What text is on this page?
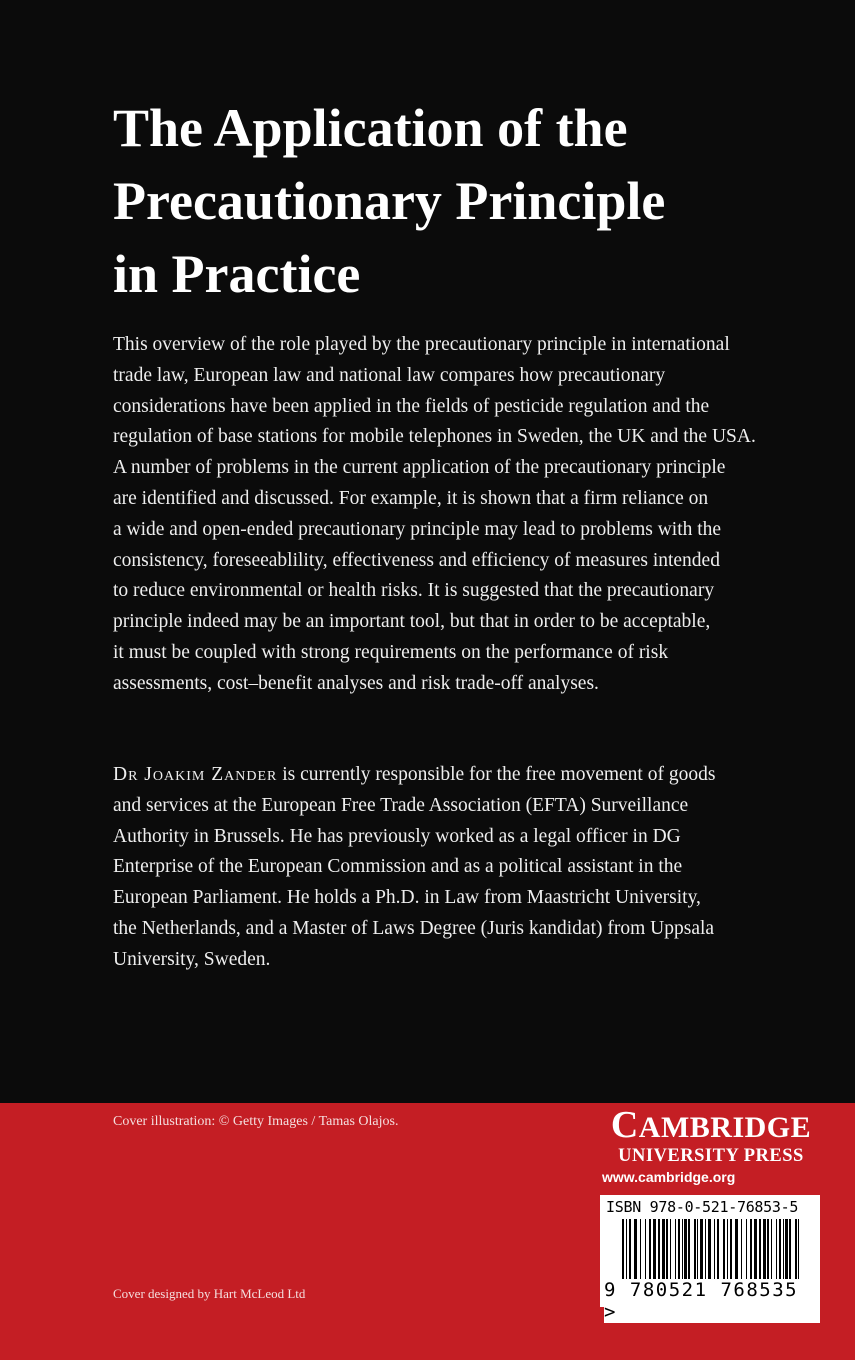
The Application of the
Precautionary Principle
in Practice
This overview of the role played by the precautionary principle in international
trade law, European law and national law compares how precautionary
considerations have been applied in the fields of pesticide regulation and the
regulation of base stations for mobile telephones in Sweden, the UK and the USA.
A number of problems in the current application of the precautionary principle
are identified and discussed. For example, it is shown that a firm reliance on
a wide and open-ended precautionary principle may lead to problems with the
consistency, foreseeablility, effectiveness and efficiency of measures intended
to reduce environmental or health risks. It is suggested that the precautionary
principle indeed may be an important tool, but that in order to be acceptable,
it must be coupled with strong requirements on the performance of risk
assessments, cost–benefit analyses and risk trade-off analyses.
Dr Joakim Zander is currently responsible for the free movement of goods
and services at the European Free Trade Association (EFTA) Surveillance
Authority in Brussels. He has previously worked as a legal officer in DG
Enterprise of the European Commission and as a political assistant in the
European Parliament. He holds a Ph.D. in Law from Maastricht University,
the Netherlands, and a Master of Laws Degree (Juris kandidat) from Uppsala
University, Sweden.
Cover illustration: © Getty Images / Tamas Olajos.
Cover designed by Hart McLeod Ltd
CAMBRIDGE
UNIVERSITY PRESS
www.cambridge.org
ISBN 978-0-521-76853-5
9 780521 768535 >
